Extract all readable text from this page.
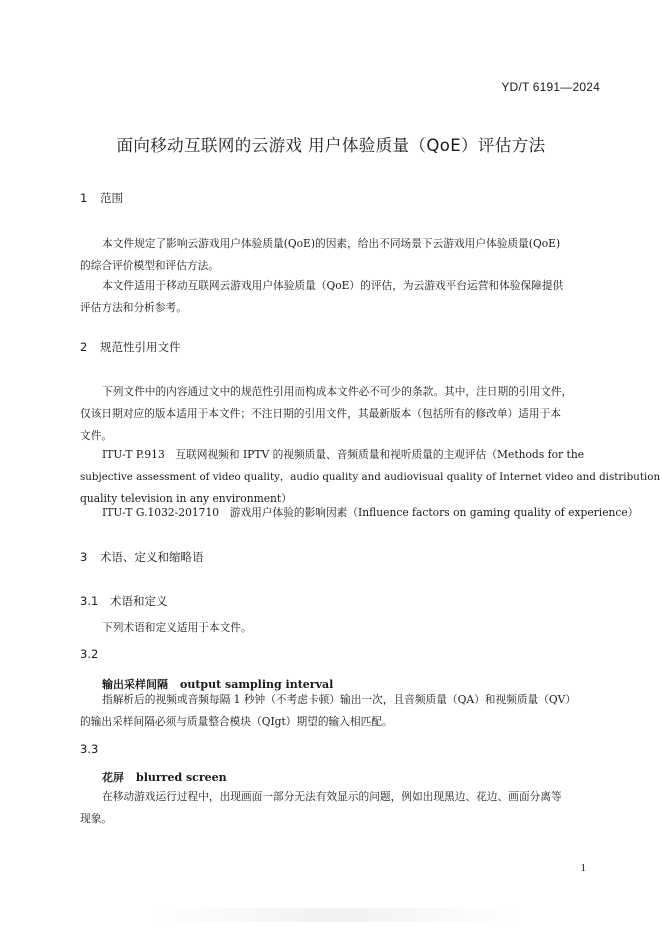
YD/T 6191—2024
面向移动互联网的云游戏 用户体验质量（QoE）评估方法
1 范围
本文件规定了影响云游戏用户体验质量(QoE)的因素，给出不同场景下云游戏用户体验质量(QoE)
的综合评价模型和评估方法。
本文件适用于移动互联网云游戏用户体验质量（QoE）的评估，为云游戏平台运营和体验保障提供
评估方法和分析参考。
2 规范性引用文件
下列文件中的内容通过文中的规范性引用而构成本文件必不可少的条款。其中，注日期的引用文件，
仅该日期对应的版本适用于本文件；不注日期的引用文件，其最新版本（包括所有的修改单）适用于本
文件。
ITU-T P.913　互联网视频和 IPTV 的视频质量、音频质量和视听质量的主观评估（Methods for the
subjective assessment of video quality，audio quality and audiovisual quality of Internet video and distribution
quality television in any environment）
ITU-T G.1032-201710　游戏用户体验的影响因素（Influence factors on gaming quality of experience）
3 术语、定义和缩略语
3.1 术语和定义
下列术语和定义适用于本文件。
3.2
输出采样间隔 output sampling interval
指解析后的视频或音频每隔 1 秒钟（不考虑卡顿）输出一次，且音频质量（QA）和视频质量（QV）
的输出采样间隔必须与质量整合模块（QIgt）期望的输入相匹配。
3.3
花屏 blurred screen
在移动游戏运行过程中，出现画面一部分无法有效显示的问题，例如出现黑边、花边、画面分离等
现象。
1
